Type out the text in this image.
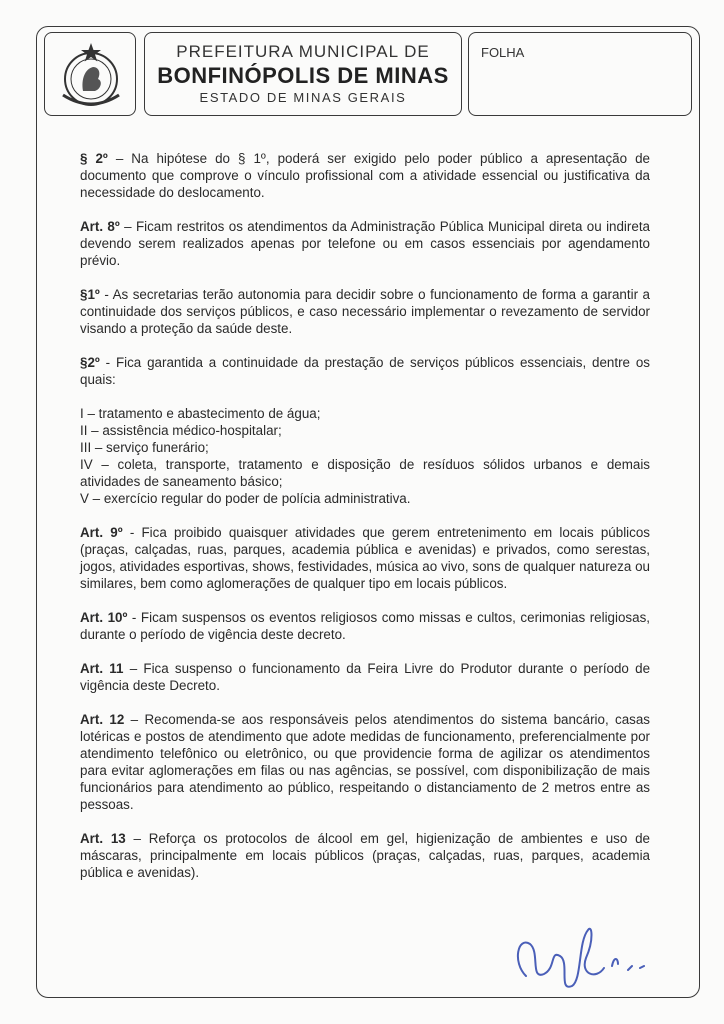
PREFEITURA MUNICIPAL DE
BONFINÓPOLIS DE MINAS
ESTADO DE MINAS GERAIS
FOLHA

§ 2º – Na hipótese do § 1º, poderá ser exigido pelo poder público a apresentação de documento que comprove o vínculo profissional com a atividade essencial ou justificativa da necessidade do deslocamento.

Art. 8º – Ficam restritos os atendimentos da Administração Pública Municipal direta ou indireta devendo serem realizados apenas por telefone ou em casos essenciais por agendamento prévio.

§1º - As secretarias terão autonomia para decidir sobre o funcionamento de forma a garantir a continuidade dos serviços públicos, e caso necessário implementar o revezamento de servidor visando a proteção da saúde deste.

§2º - Fica garantida a continuidade da prestação de serviços públicos essenciais, dentre os quais:

I – tratamento e abastecimento de água;

II – assistência médico-hospitalar;

III – serviço funerário;

IV – coleta, transporte, tratamento e disposição de resíduos sólidos urbanos e demais atividades de saneamento básico;

V – exercício regular do poder de polícia administrativa.

Art. 9º - Fica proibido quaisquer atividades que gerem entretenimento em locais públicos (praças, calçadas, ruas, parques, academia pública e avenidas) e privados, como serestas, jogos, atividades esportivas, shows, festividades, música ao vivo, sons de qualquer natureza ou similares, bem como aglomerações de qualquer tipo em locais públicos.

Art. 10º - Ficam suspensos os eventos religiosos como missas e cultos, cerimonias religiosas, durante o período de vigência deste decreto.

Art. 11 – Fica suspenso o funcionamento da Feira Livre do Produtor durante o período de vigência deste Decreto.

Art. 12 – Recomenda-se aos responsáveis pelos atendimentos do sistema bancário, casas lotéricas e postos de atendimento que adote medidas de funcionamento, preferencialmente por atendimento telefônico ou eletrônico, ou que providencie forma de agilizar os atendimentos para evitar aglomerações em filas ou nas agências, se possível, com disponibilização de mais funcionários para atendimento ao público, respeitando o distanciamento de 2 metros entre as pessoas.

Art. 13 – Reforça os protocolos de álcool em gel, higienização de ambientes e uso de máscaras, principalmente em locais públicos (praças, calçadas, ruas, parques, academia pública e avenidas).
